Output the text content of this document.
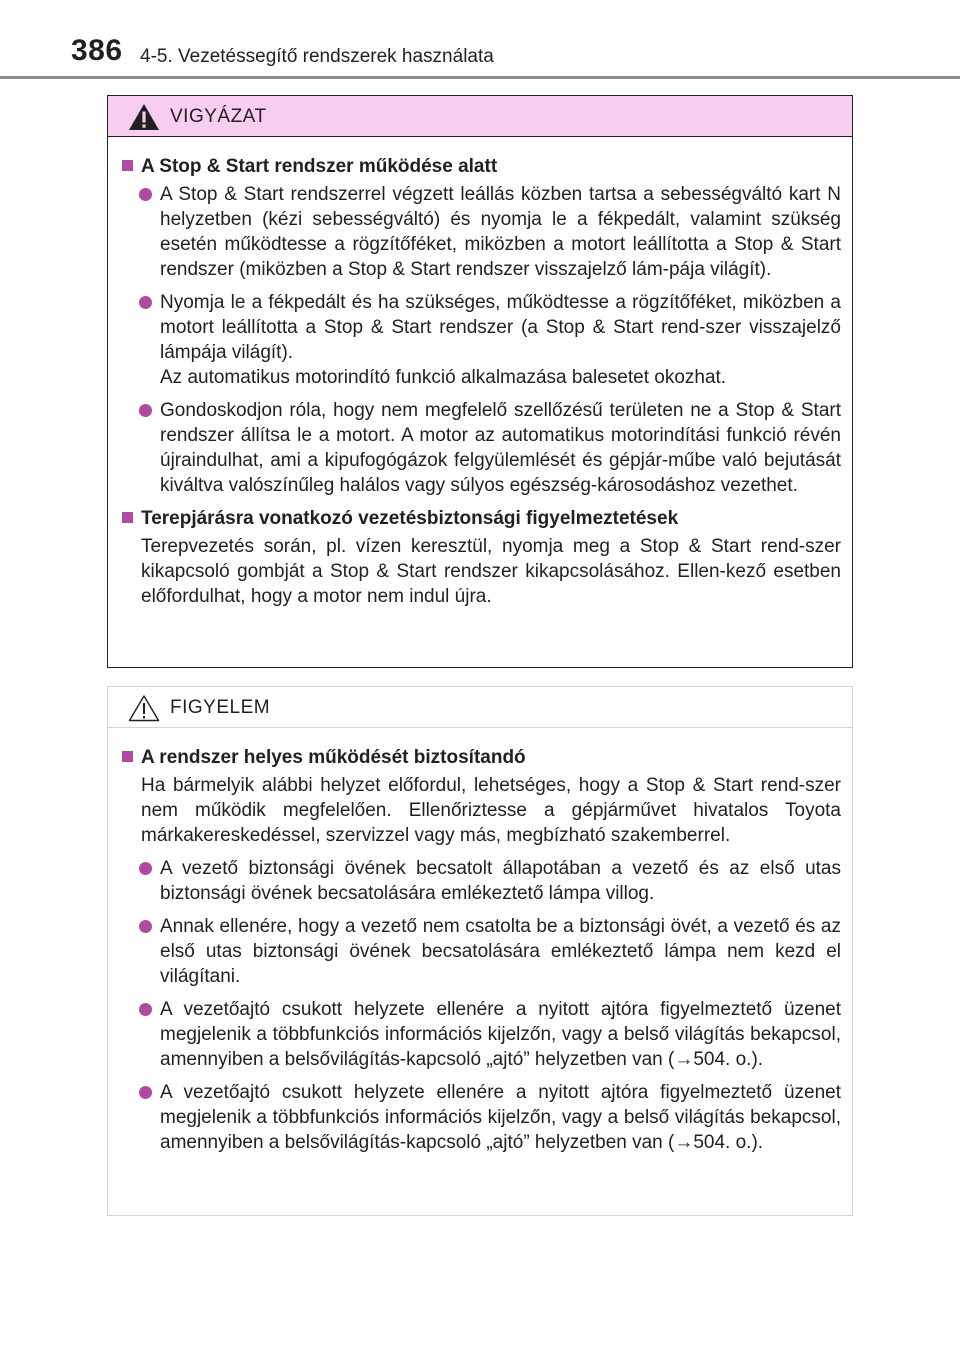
386 4-5. Vezetéssegítő rendszerek használata
VIGYÁZAT
A Stop & Start rendszer működése alatt
A Stop & Start rendszerrel végzett leállás közben tartsa a sebességváltó kart N helyzetben (kézi sebességváltó) és nyomja le a fékpedált, valamint szükség esetén működtesse a rögzítőféket, miközben a motort leállította a Stop & Start rendszer (miközben a Stop & Start rendszer visszajelző lám-pája világít).
Nyomja le a fékpedált és ha szükséges, működtesse a rögzítőféket, miközben a motort leállította a Stop & Start rendszer (a Stop & Start rend-szer visszajelző lámpája világít).
Az automatikus motorindító funkció alkalmazása balesetet okozhat.
Gondoskodjon róla, hogy nem megfelelő szellőzésű területen ne a Stop & Start rendszer állítsa le a motort. A motor az automatikus motorindítási funkció révén újraindulhat, ami a kipufogógázok felgyülemlését és gépjár-műbe való bejutását kiváltva valószínűleg halálos vagy súlyos egészség-károsodáshoz vezethet.
Terepjárásra vonatkozó vezetésbiztonsági figyelmeztetések
Terepvezetés során, pl. vízen keresztül, nyomja meg a Stop & Start rend-szer kikapcsoló gombját a Stop & Start rendszer kikapcsolásához. Ellen-kező esetben előfordulhat, hogy a motor nem indul újra.
FIGYELEM
A rendszer helyes működését biztosítandó
Ha bármelyik alábbi helyzet előfordul, lehetséges, hogy a Stop & Start rend-szer nem működik megfelelően. Ellenőriztesse a gépjárművet hivatalos Toyota márkakereskedéssel, szervizzel vagy más, megbízható szakemberrel.
A vezető biztonsági övének becsatolt állapotában a vezető és az első utas biztonsági övének becsatolására emlékeztető lámpa villog.
Annak ellenére, hogy a vezető nem csatolta be a biztonsági övét, a vezető és az első utas biztonsági övének becsatolására emlékeztető lámpa nem kezd el világítani.
A vezetőajtó csukott helyzete ellenére a nyitott ajtóra figyelmeztető üzenet megjelenik a többfunkciós információs kijelzőn, vagy a belső világítás bekapcsol, amennyiben a belsővilágítás-kapcsoló „ajtó” helyzetben van (→504. o.).
A vezetőajtó csukott helyzete ellenére a nyitott ajtóra figyelmeztető üzenet megjelenik a többfunkciós információs kijelzőn, vagy a belső világítás bekapcsol, amennyiben a belsővilágítás-kapcsoló „ajtó” helyzetben van (→504. o.).
